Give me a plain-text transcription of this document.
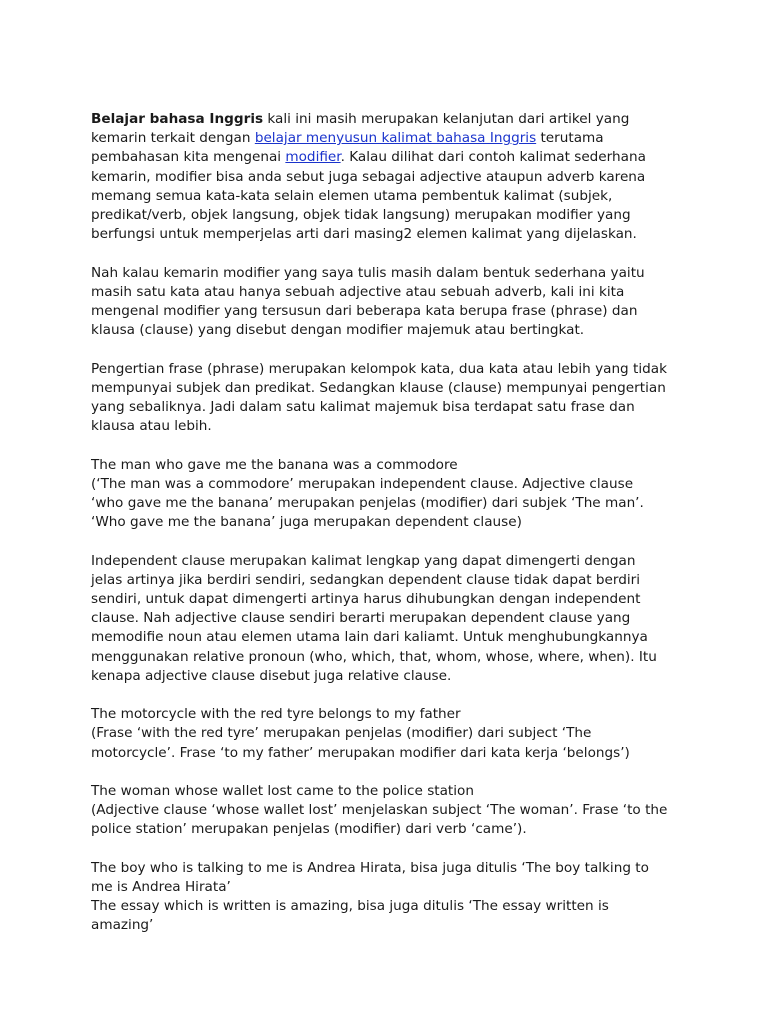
Belajar bahasa Inggris kali ini masih merupakan kelanjutan dari artikel yang
kemarin terkait dengan belajar menyusun kalimat bahasa Inggris terutama
pembahasan kita mengenai modifier. Kalau dilihat dari contoh kalimat sederhana
kemarin, modifier bisa anda sebut juga sebagai adjective ataupun adverb karena
memang semua kata-kata selain elemen utama pembentuk kalimat (subjek,
predikat/verb, objek langsung, objek tidak langsung) merupakan modifier yang
berfungsi untuk memperjelas arti dari masing2 elemen kalimat yang dijelaskan.

Nah kalau kemarin modifier yang saya tulis masih dalam bentuk sederhana yaitu
masih satu kata atau hanya sebuah adjective atau sebuah adverb, kali ini kita
mengenal modifier yang tersusun dari beberapa kata berupa frase (phrase) dan
klausa (clause) yang disebut dengan modifier majemuk atau bertingkat.

Pengertian frase (phrase) merupakan kelompok kata, dua kata atau lebih yang tidak
mempunyai subjek dan predikat. Sedangkan klause (clause) mempunyai pengertian
yang sebaliknya. Jadi dalam satu kalimat majemuk bisa terdapat satu frase dan
klausa atau lebih.

The man who gave me the banana was a commodore
(‘The man was a commodore’ merupakan independent clause. Adjective clause
‘who gave me the banana’ merupakan penjelas (modifier) dari subjek ‘The man’.
‘Who gave me the banana’ juga merupakan dependent clause)

Independent clause merupakan kalimat lengkap yang dapat dimengerti dengan
jelas artinya jika berdiri sendiri, sedangkan dependent clause tidak dapat berdiri
sendiri, untuk dapat dimengerti artinya harus dihubungkan dengan independent
clause. Nah adjective clause sendiri berarti merupakan dependent clause yang
memodifie noun atau elemen utama lain dari kaliamt. Untuk menghubungkannya
menggunakan relative pronoun (who, which, that, whom, whose, where, when). Itu
kenapa adjective clause disebut juga relative clause.

The motorcycle with the red tyre belongs to my father
(Frase ‘with the red tyre’ merupakan penjelas (modifier) dari subject ‘The
motorcycle’. Frase ‘to my father’ merupakan modifier dari kata kerja ‘belongs’)

The woman whose wallet lost came to the police station
(Adjective clause ‘whose wallet lost’ menjelaskan subject ‘The woman’. Frase ‘to the
police station’ merupakan penjelas (modifier) dari verb ‘came’).

The boy who is talking to me is Andrea Hirata, bisa juga ditulis ‘The boy talking to
me is Andrea Hirata’
The essay which is written is amazing, bisa juga ditulis ‘The essay written is
amazing’
